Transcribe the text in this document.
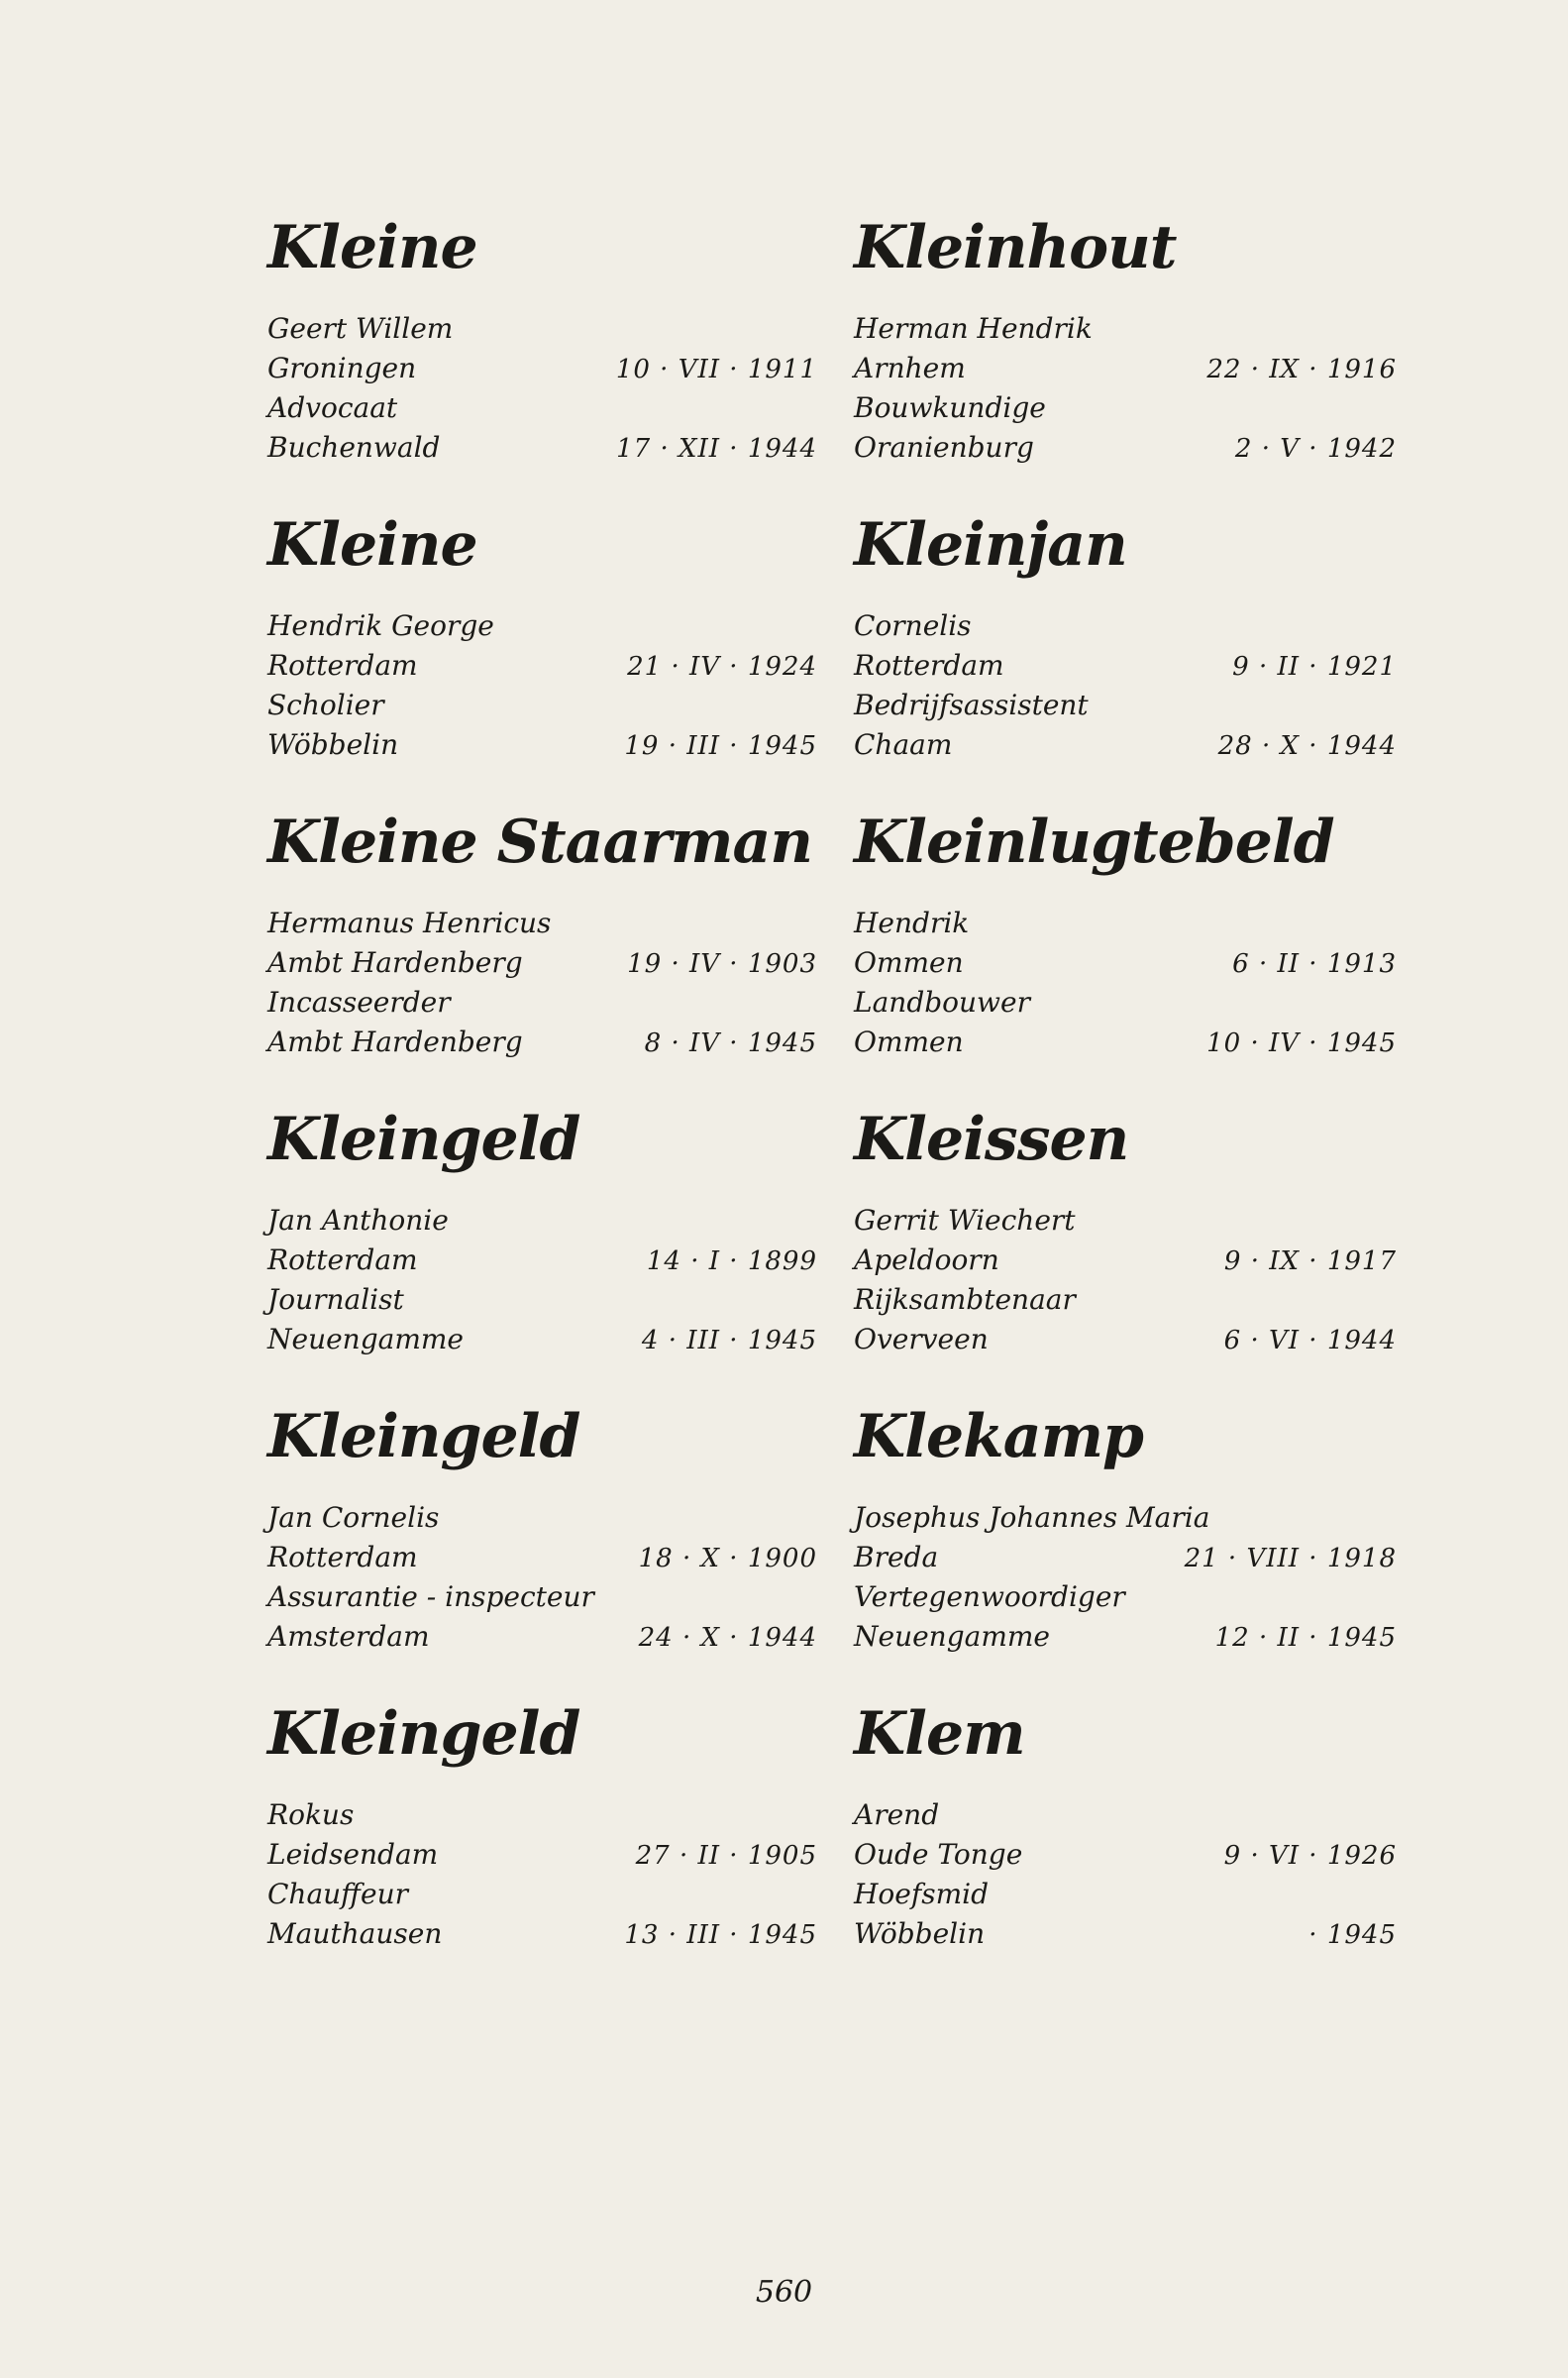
Kleine
Geert Willem
Groningen	10 · VII · 1911
Advocaat
Buchenwald	17 · XII · 1944
Kleine
Hendrik George
Rotterdam	21 · IV · 1924
Scholier
Wöbbelin	19 · III · 1945
Kleine Staarman
Hermanus Henricus
Ambt Hardenberg	19 · IV · 1903
Incasseerder
Ambt Hardenberg	8 · IV · 1945
Kleingeld
Jan Anthonie
Rotterdam	14 · I · 1899
Journalist
Neuengamme	4 · III · 1945
Kleingeld
Jan Cornelis
Rotterdam	18 · X · 1900
Assurantie - inspecteur
Amsterdam	24 · X · 1944
Kleingeld
Rokus
Leidsendam	27 · II · 1905
Chauffeur
Mauthausen	13 · III · 1945
Kleinhout
Herman Hendrik
Arnhem	22 · IX · 1916
Bouwkundige
Oranienburg	2 · V · 1942
Kleinjan
Cornelis
Rotterdam	9 · II · 1921
Bedrijfsassistent
Chaam	28 · X · 1944
Kleinlugtebeld
Hendrik
Ommen	6 · II · 1913
Landbouwer
Ommen	10 · IV · 1945
Kleissen
Gerrit Wiechert
Apeldoorn	9 · IX · 1917
Rijksambtenaar
Overveen	6 · VI · 1944
Klekamp
Josephus Johannes Maria
Breda	21 · VIII · 1918
Vertegenwoordiger
Neuengamme	12 · II · 1945
Klem
Arend
Oude Tonge	9 · VI · 1926
Hoefsmid
Wöbbelin	· 1945
560
